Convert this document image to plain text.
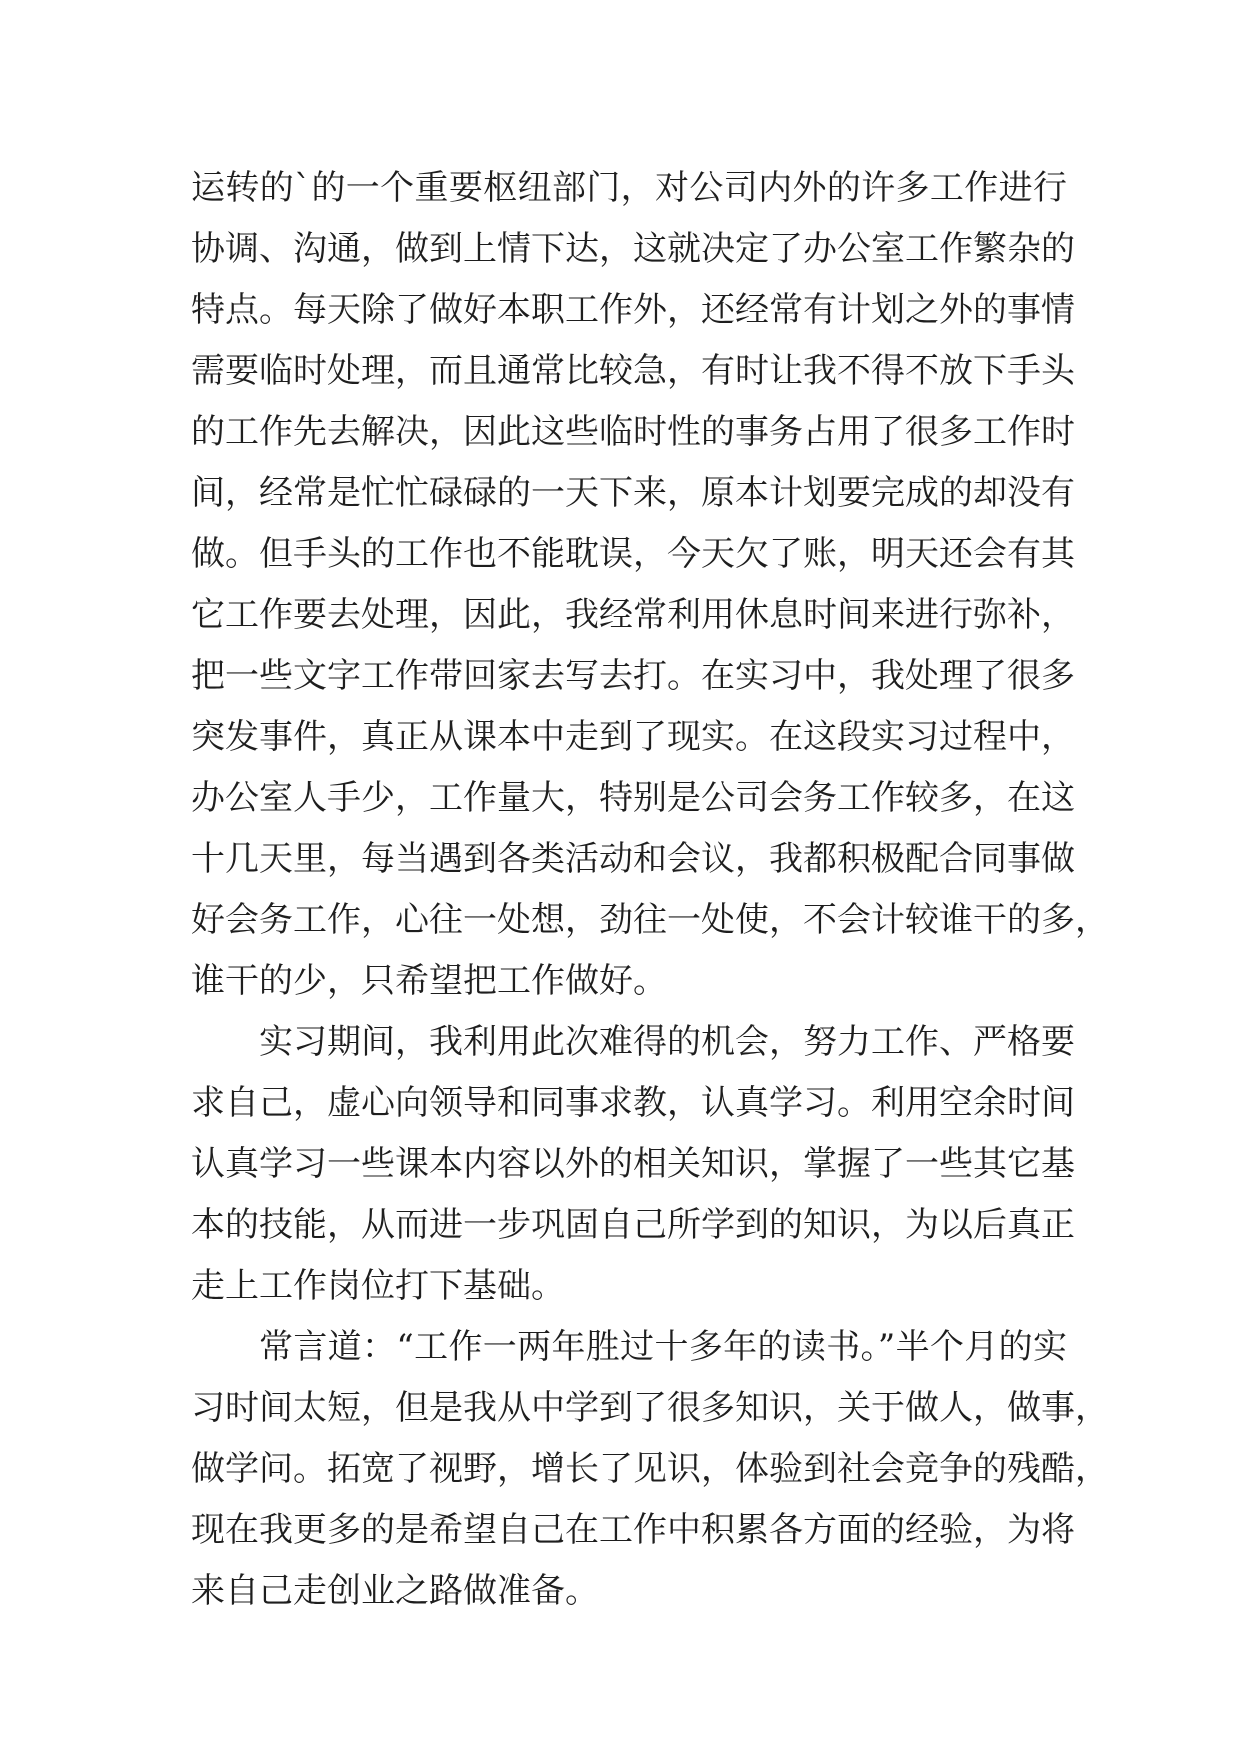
运转的`的一个重要枢纽部门，对公司内外的许多工作进行
协调、沟通，做到上情下达，这就决定了办公室工作繁杂的
特点。每天除了做好本职工作外，还经常有计划之外的事情
需要临时处理，而且通常比较急，有时让我不得不放下手头
的工作先去解决，因此这些临时性的事务占用了很多工作时
间，经常是忙忙碌碌的一天下来，原本计划要完成的却没有
做。但手头的工作也不能耽误，今天欠了账，明天还会有其
它工作要去处理，因此，我经常利用休息时间来进行弥补，
把一些文字工作带回家去写去打。在实习中，我处理了很多
突发事件，真正从课本中走到了现实。在这段实习过程中，
办公室人手少，工作量大，特别是公司会务工作较多，在这
十几天里，每当遇到各类活动和会议，我都积极配合同事做
好会务工作，心往一处想，劲往一处使，不会计较谁干的多，
谁干的少，只希望把工作做好。
实习期间，我利用此次难得的机会，努力工作、严格要
求自己，虚心向领导和同事求教，认真学习。利用空余时间
认真学习一些课本内容以外的相关知识，掌握了一些其它基
本的技能，从而进一步巩固自己所学到的知识，为以后真正
走上工作岗位打下基础。
常言道：“工作一两年胜过十多年的读书。”半个月的实
习时间太短，但是我从中学到了很多知识，关于做人，做事，
做学问。拓宽了视野，增长了见识，体验到社会竞争的残酷，
现在我更多的是希望自己在工作中积累各方面的经验，为将
来自己走创业之路做准备。
